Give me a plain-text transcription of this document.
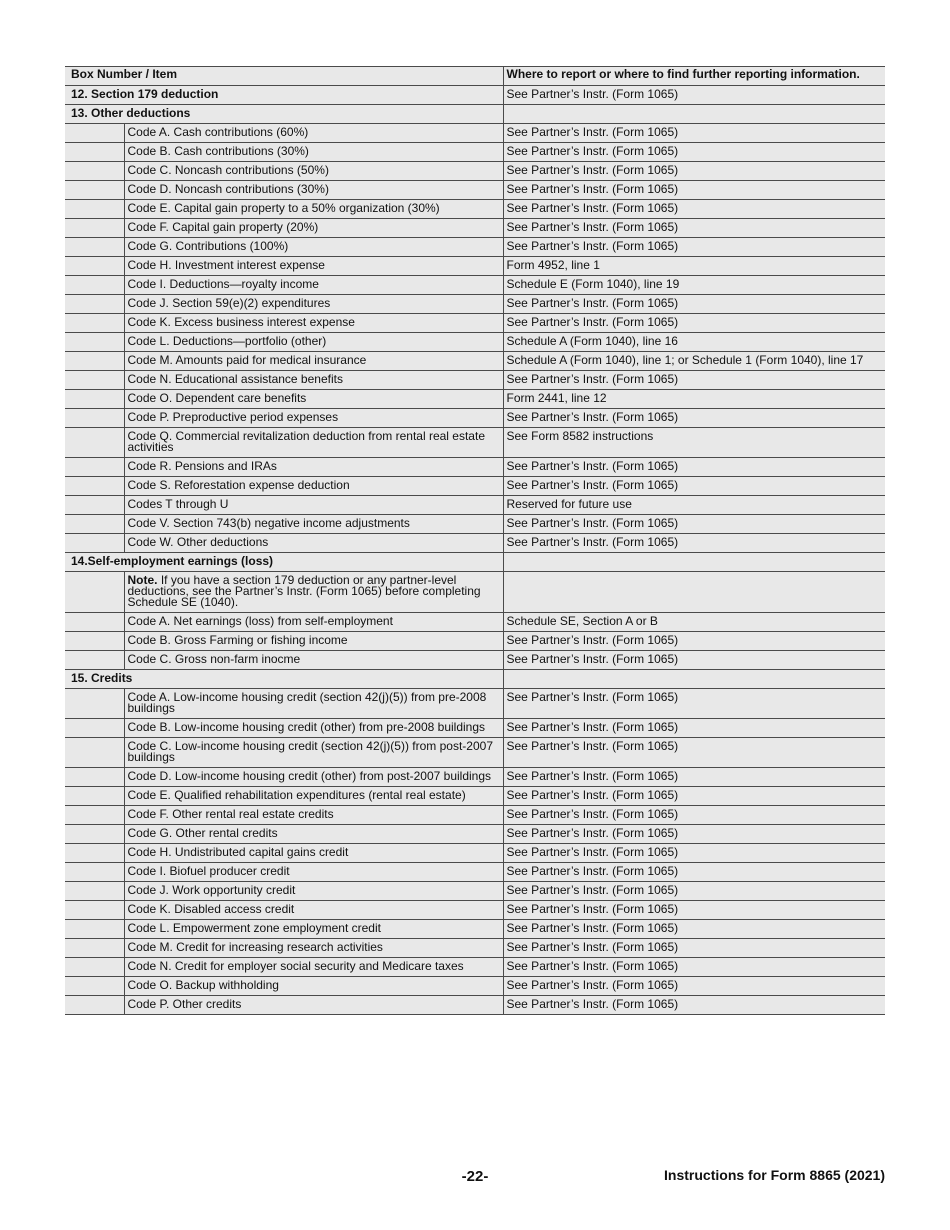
Box Number / Item		Where to report or where to find further reporting information.
12. Section 179 deduction		See Partner’s Instr. (Form 1065)
13. Other deductions		
	Code A. Cash contributions (60%)	See Partner’s Instr. (Form 1065)
	Code B. Cash contributions (30%)	See Partner’s Instr. (Form 1065)
	Code C. Noncash contributions (50%)	See Partner’s Instr. (Form 1065)
	Code D. Noncash contributions (30%)	See Partner’s Instr. (Form 1065)
	Code E. Capital gain property to a 50% organization (30%)	See Partner’s Instr. (Form 1065)
	Code F. Capital gain property (20%)	See Partner’s Instr. (Form 1065)
	Code G. Contributions (100%)	See Partner’s Instr. (Form 1065)
	Code H. Investment interest expense	Form 4952, line 1
	Code I. Deductions—royalty income	Schedule E (Form 1040), line 19
	Code J. Section 59(e)(2) expenditures	See Partner’s Instr. (Form 1065)
	Code K. Excess business interest expense	See Partner’s Instr. (Form 1065)
	Code L. Deductions—portfolio (other)	Schedule A (Form 1040), line 16
	Code M. Amounts paid for medical insurance	Schedule A (Form 1040), line 1; or Schedule 1 (Form 1040), line 17
	Code N. Educational assistance benefits	See Partner’s Instr. (Form 1065)
	Code O. Dependent care benefits	Form 2441, line 12
	Code P. Preproductive period expenses	See Partner’s Instr. (Form 1065)
	Code Q. Commercial revitalization deduction from rental real estate activities	See Form 8582 instructions
	Code R. Pensions and IRAs	See Partner’s Instr. (Form 1065)
	Code S. Reforestation expense deduction	See Partner’s Instr. (Form 1065)
	Codes T through U	Reserved for future use
	Code V. Section 743(b) negative income adjustments	See Partner’s Instr. (Form 1065)
	Code W. Other deductions	See Partner’s Instr. (Form 1065)
14.Self-employment earnings (loss)		
	Note. If you have a section 179 deduction or any partner-level deductions, see the Partner’s Instr. (Form 1065) before completing Schedule SE (1040).	
	Code A. Net earnings (loss) from self-employment	Schedule SE, Section A or B
	Code B. Gross Farming or fishing income	See Partner’s Instr. (Form 1065)
	Code C. Gross non-farm inocme	See Partner’s Instr. (Form 1065)
15. Credits		
	Code A. Low-income housing credit (section 42(j)(5)) from pre-2008 buildings	See Partner’s Instr. (Form 1065)
	Code B. Low-income housing credit (other) from pre-2008 buildings	See Partner’s Instr. (Form 1065)
	Code C. Low-income housing credit (section 42(j)(5)) from post-2007 buildings	See Partner’s Instr. (Form 1065)
	Code D. Low-income housing credit (other) from post-2007 buildings	See Partner’s Instr. (Form 1065)
	Code E. Qualified rehabilitation expenditures (rental real estate)	See Partner’s Instr. (Form 1065)
	Code F. Other rental real estate credits	See Partner’s Instr. (Form 1065)
	Code G. Other rental credits	See Partner’s Instr. (Form 1065)
	Code H. Undistributed capital gains credit	See Partner’s Instr. (Form 1065)
	Code I. Biofuel producer credit	See Partner’s Instr. (Form 1065)
	Code J. Work opportunity credit	See Partner’s Instr. (Form 1065)
	Code K. Disabled access credit	See Partner’s Instr. (Form 1065)
	Code L. Empowerment zone employment credit	See Partner’s Instr. (Form 1065)
	Code M. Credit for increasing research activities	See Partner’s Instr. (Form 1065)
	Code N. Credit for employer social security and Medicare taxes	See Partner’s Instr. (Form 1065)
	Code O. Backup withholding	See Partner’s Instr. (Form 1065)
	Code P. Other credits	See Partner’s Instr. (Form 1065)
-22-	Instructions for Form 8865 (2021)
